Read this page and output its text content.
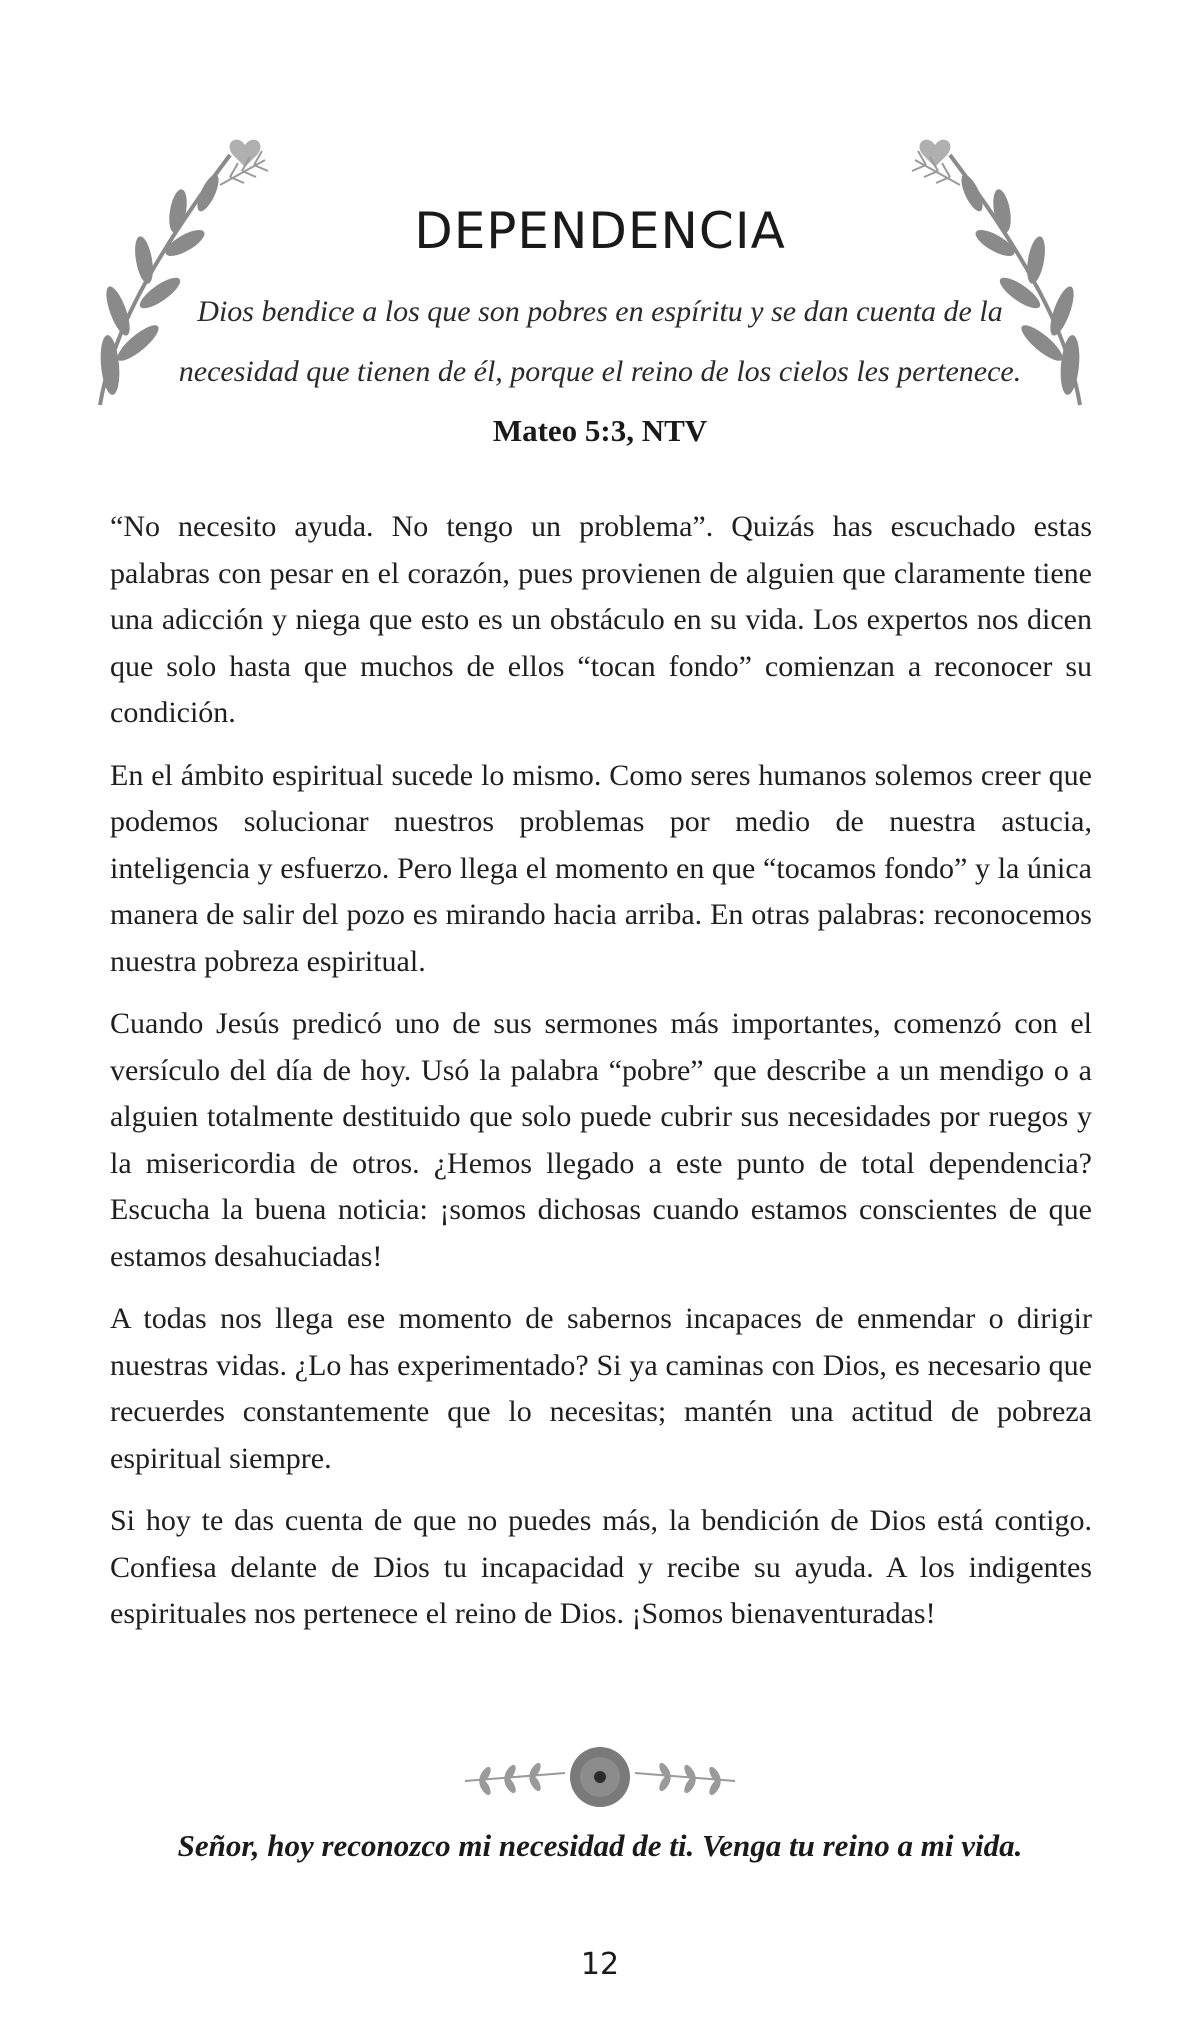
DEPENDENCIA
Dios bendice a los que son pobres en espíritu y se dan cuenta de la necesidad que tienen de él, porque el reino de los cielos les pertenece.
Mateo 5:3, NTV

“No necesito ayuda. No tengo un problema”. Quizás has escuchado estas palabras con pesar en el corazón, pues provienen de alguien que claramente tiene una adicción y niega que esto es un obstáculo en su vida. Los expertos nos dicen que solo hasta que muchos de ellos “tocan fondo” comienzan a reconocer su condición.

En el ámbito espiritual sucede lo mismo. Como seres humanos solemos creer que podemos solucionar nuestros problemas por medio de nuestra astucia, inteligencia y esfuerzo. Pero llega el momento en que “tocamos fondo” y la única manera de salir del pozo es mirando hacia arriba. En otras palabras: reconocemos nuestra pobreza espiritual.

Cuando Jesús predicó uno de sus sermones más importantes, comenzó con el versículo del día de hoy. Usó la palabra “pobre” que describe a un mendigo o a alguien totalmente destituido que solo puede cubrir sus necesidades por ruegos y la misericordia de otros. ¿Hemos llegado a este punto de total dependencia? Escucha la buena noticia: ¡somos dichosas cuando estamos conscientes de que estamos desahuciadas!

A todas nos llega ese momento de sabernos incapaces de enmendar o dirigir nuestras vidas. ¿Lo has experimentado? Si ya caminas con Dios, es necesario que recuerdes constantemente que lo necesitas; mantén una actitud de pobreza espiritual siempre.

Si hoy te das cuenta de que no puedes más, la bendición de Dios está contigo. Confiesa delante de Dios tu incapacidad y recibe su ayuda. A los indigentes espirituales nos pertenece el reino de Dios. ¡Somos bienaventuradas!

Señor, hoy reconozco mi necesidad de ti. Venga tu reino a mi vida.
12
